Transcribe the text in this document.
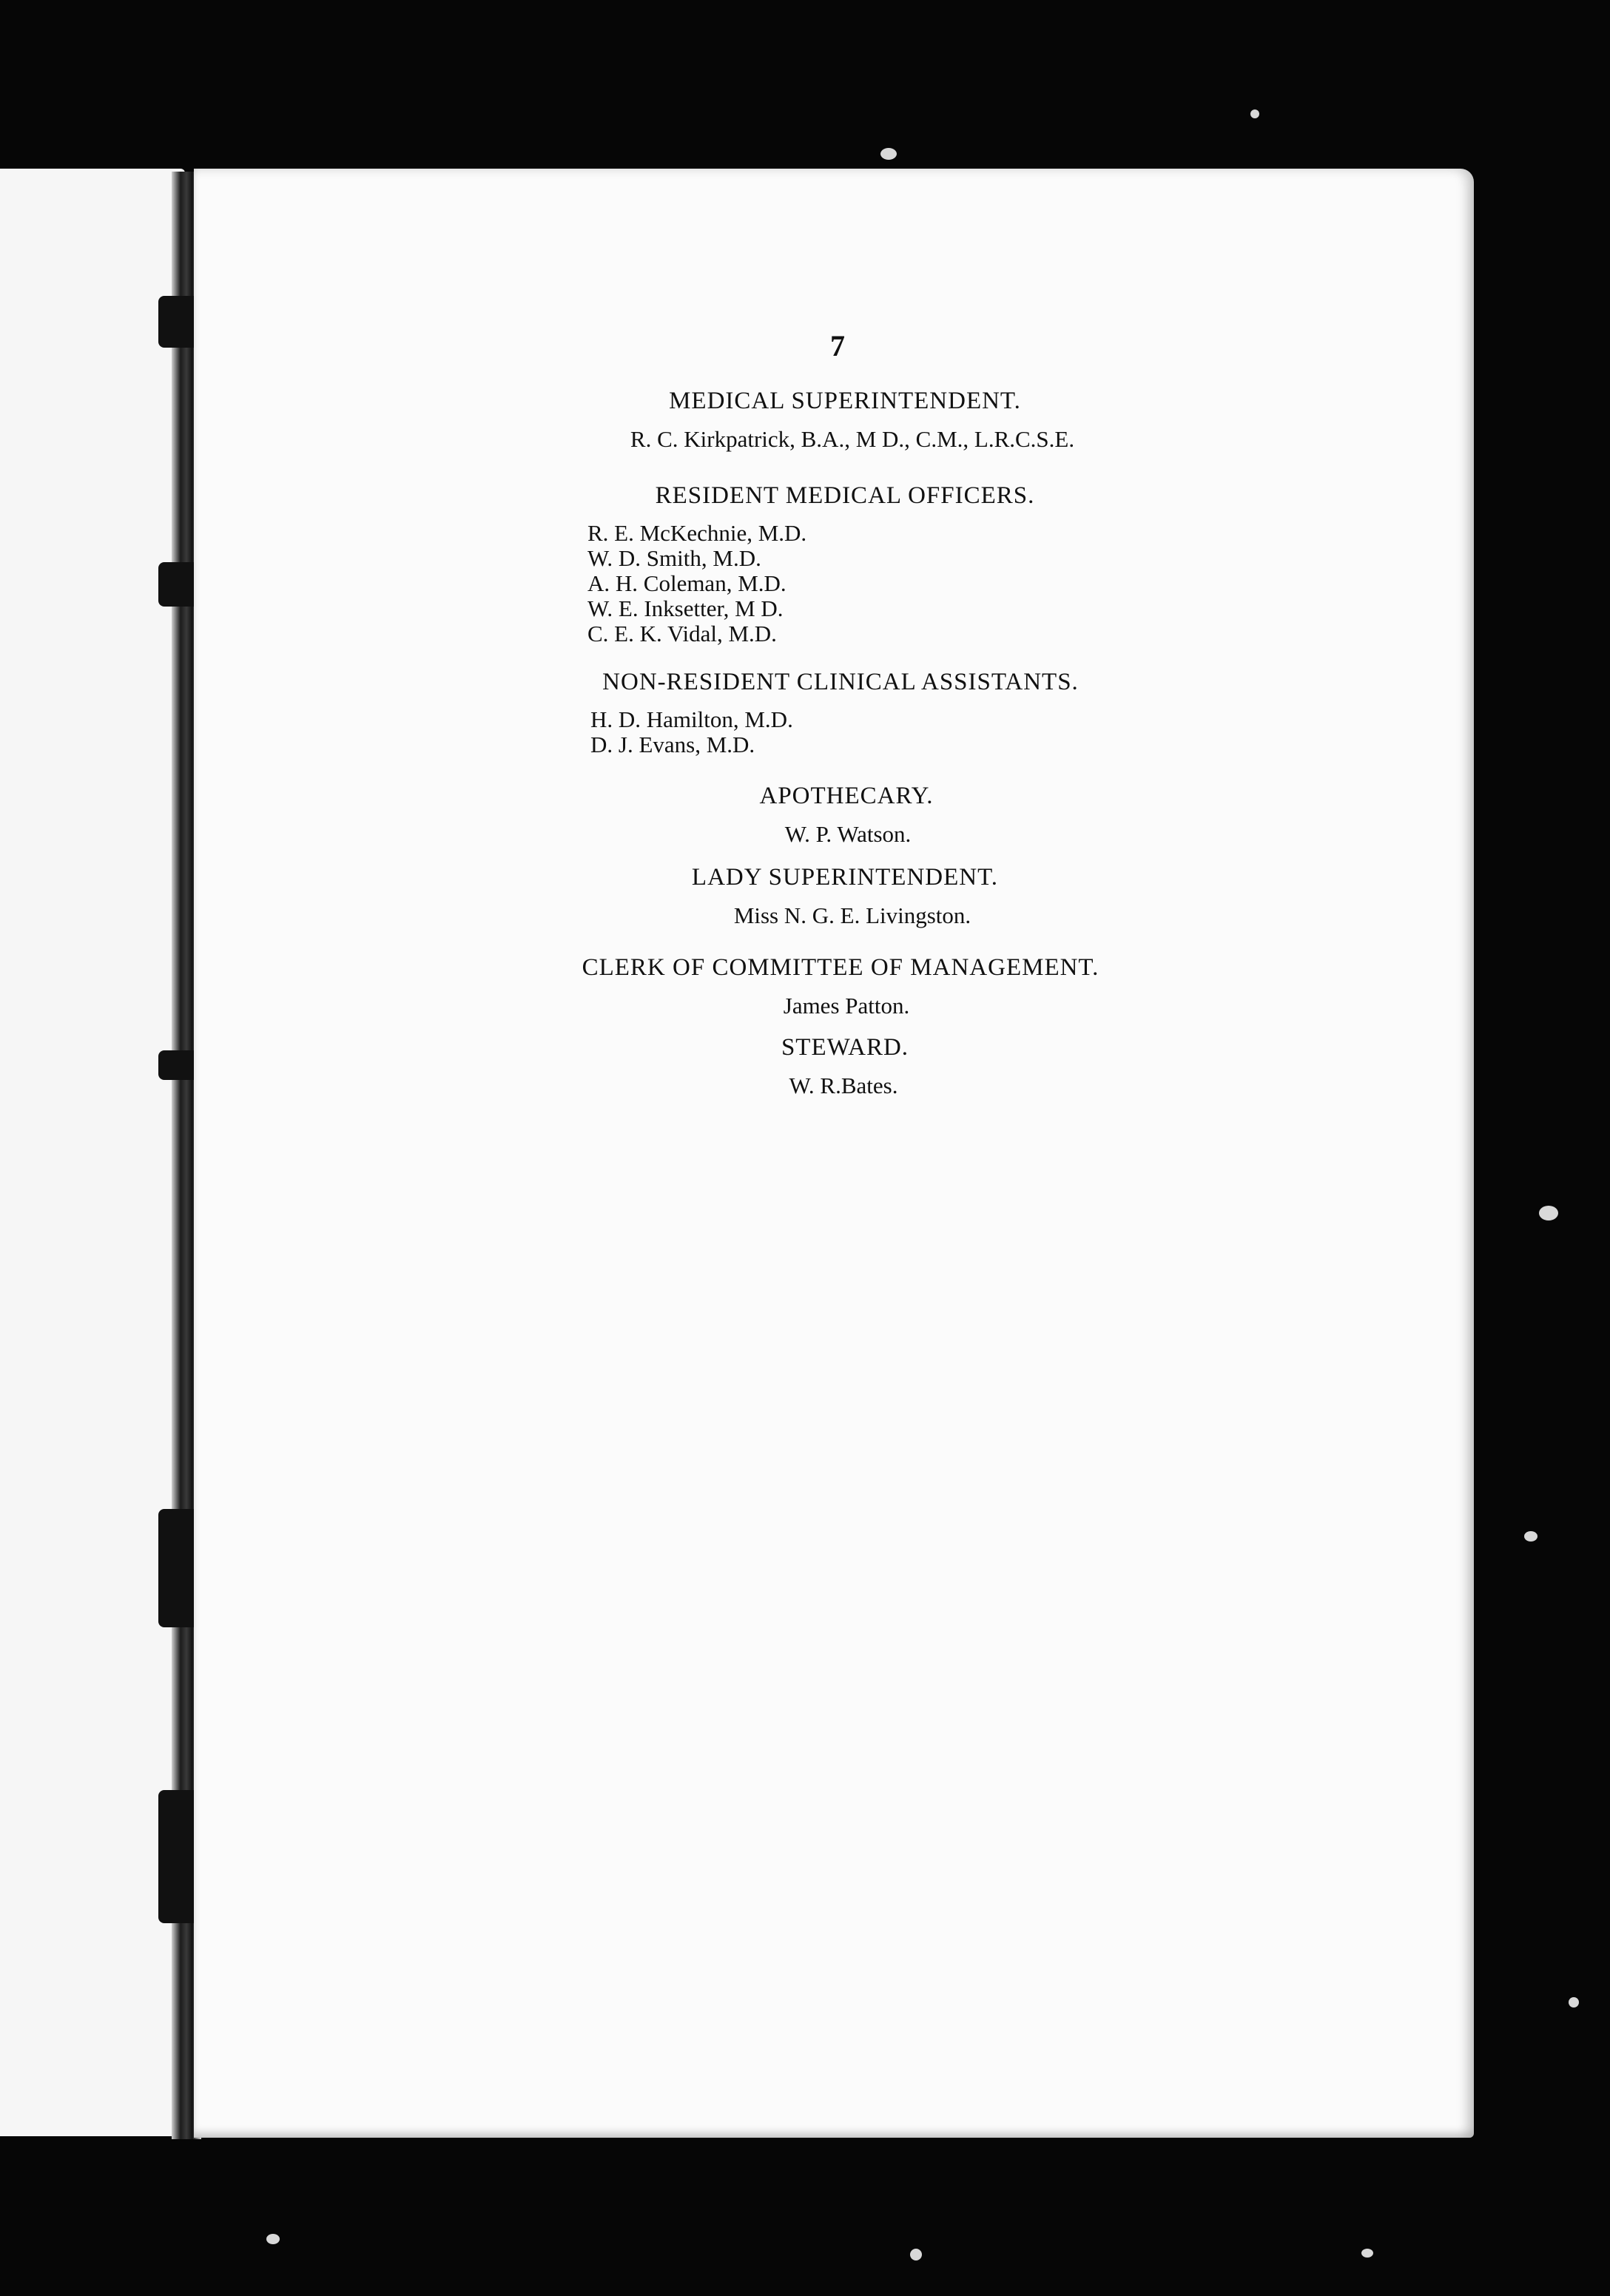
7
MEDICAL SUPERINTENDENT.
R. C. Kirkpatrick, B.A., M D., C.M., L.R.C.S.E.
RESIDENT MEDICAL OFFICERS.
R. E. McKechnie, M.D.
W. D. Smith, M.D.
A. H. Coleman, M.D.
W. E. Inksetter, M D.
C. E. K. Vidal, M.D.
NON-RESIDENT CLINICAL ASSISTANTS.
H. D. Hamilton, M.D.
D. J. Evans, M.D.
APOTHECARY.
W. P. Watson.
LADY SUPERINTENDENT.
Miss N. G. E. Livingston.
CLERK OF COMMITTEE OF MANAGEMENT.
James Patton.
STEWARD.
W. R.Bates.
